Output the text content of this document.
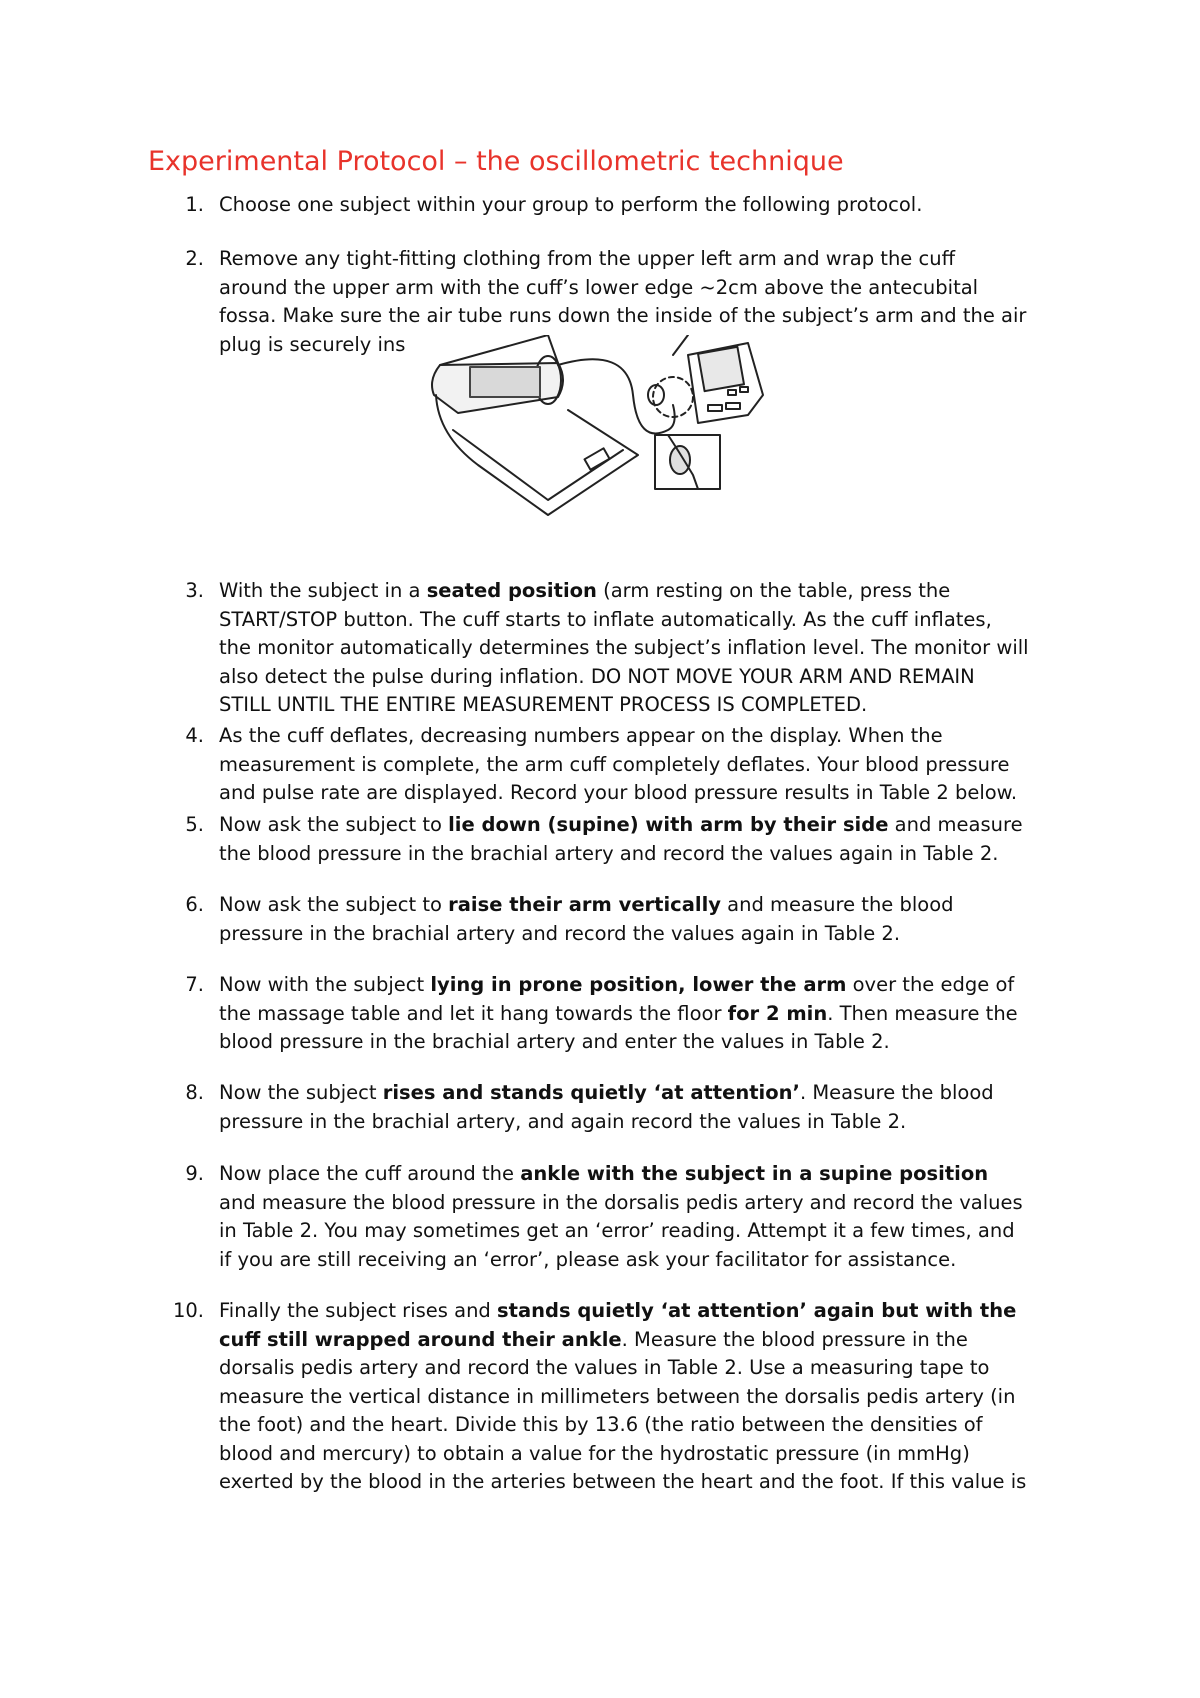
Experimental Protocol – the oscillometric technique
1. Choose one subject within your group to perform the following protocol.
2. Remove any tight-fitting clothing from the upper left arm and wrap the cuff
around the upper arm with the cuff’s lower edge ~2cm above the antecubital
fossa. Make sure the air tube runs down the inside of the subject’s arm and the air
plug is securely ins
3. With the subject in a seated position (arm resting on the table, press the
START/STOP button. The cuff starts to inflate automatically. As the cuff inflates,
the monitor automatically determines the subject’s inflation level. The monitor will
also detect the pulse during inflation. DO NOT MOVE YOUR ARM AND REMAIN
STILL UNTIL THE ENTIRE MEASUREMENT PROCESS IS COMPLETED.
4. As the cuff deflates, decreasing numbers appear on the display. When the
measurement is complete, the arm cuff completely deflates. Your blood pressure
and pulse rate are displayed. Record your blood pressure results in Table 2 below.
5. Now ask the subject to lie down (supine) with arm by their side and measure
the blood pressure in the brachial artery and record the values again in Table 2.
6. Now ask the subject to raise their arm vertically and measure the blood
pressure in the brachial artery and record the values again in Table 2.
7. Now with the subject lying in prone position, lower the arm over the edge of
the massage table and let it hang towards the floor for 2 min. Then measure the
blood pressure in the brachial artery and enter the values in Table 2.
8. Now the subject rises and stands quietly ‘at attention’. Measure the blood
pressure in the brachial artery, and again record the values in Table 2.
9. Now place the cuff around the ankle with the subject in a supine position
and measure the blood pressure in the dorsalis pedis artery and record the values
in Table 2. You may sometimes get an ‘error’ reading. Attempt it a few times, and
if you are still receiving an ‘error’, please ask your facilitator for assistance.
10. Finally the subject rises and stands quietly ‘at attention’ again but with the
cuff still wrapped around their ankle. Measure the blood pressure in the
dorsalis pedis artery and record the values in Table 2. Use a measuring tape to
measure the vertical distance in millimeters between the dorsalis pedis artery (in
the foot) and the heart. Divide this by 13.6 (the ratio between the densities of
blood and mercury) to obtain a value for the hydrostatic pressure (in mmHg)
exerted by the blood in the arteries between the heart and the foot. If this value is
